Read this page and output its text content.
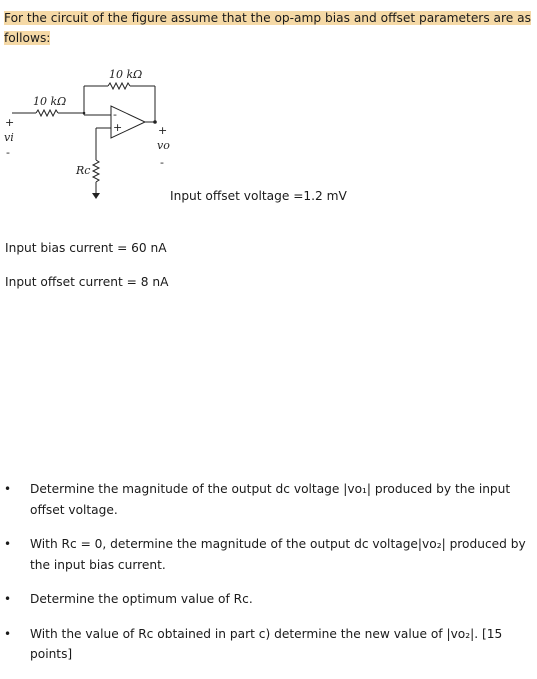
For the circuit of the figure assume that the op-amp bias and offset parameters are as
follows:
-
+
10 kΩ
10 kΩ
Rc
+
vi
-
+
vo
-
Input offset voltage =1.2 mV
Input bias current = 60 nA
Input offset current = 8 nA
• Determine the magnitude of the output dc voltage |vo₁| produced by the input offset voltage.
• With Rc = 0, determine the magnitude of the output dc voltage|vo₂| produced by the input bias current.
• Determine the optimum value of Rc.
• With the value of Rc obtained in part c) determine the new value of |vo₂|. [15 points]
